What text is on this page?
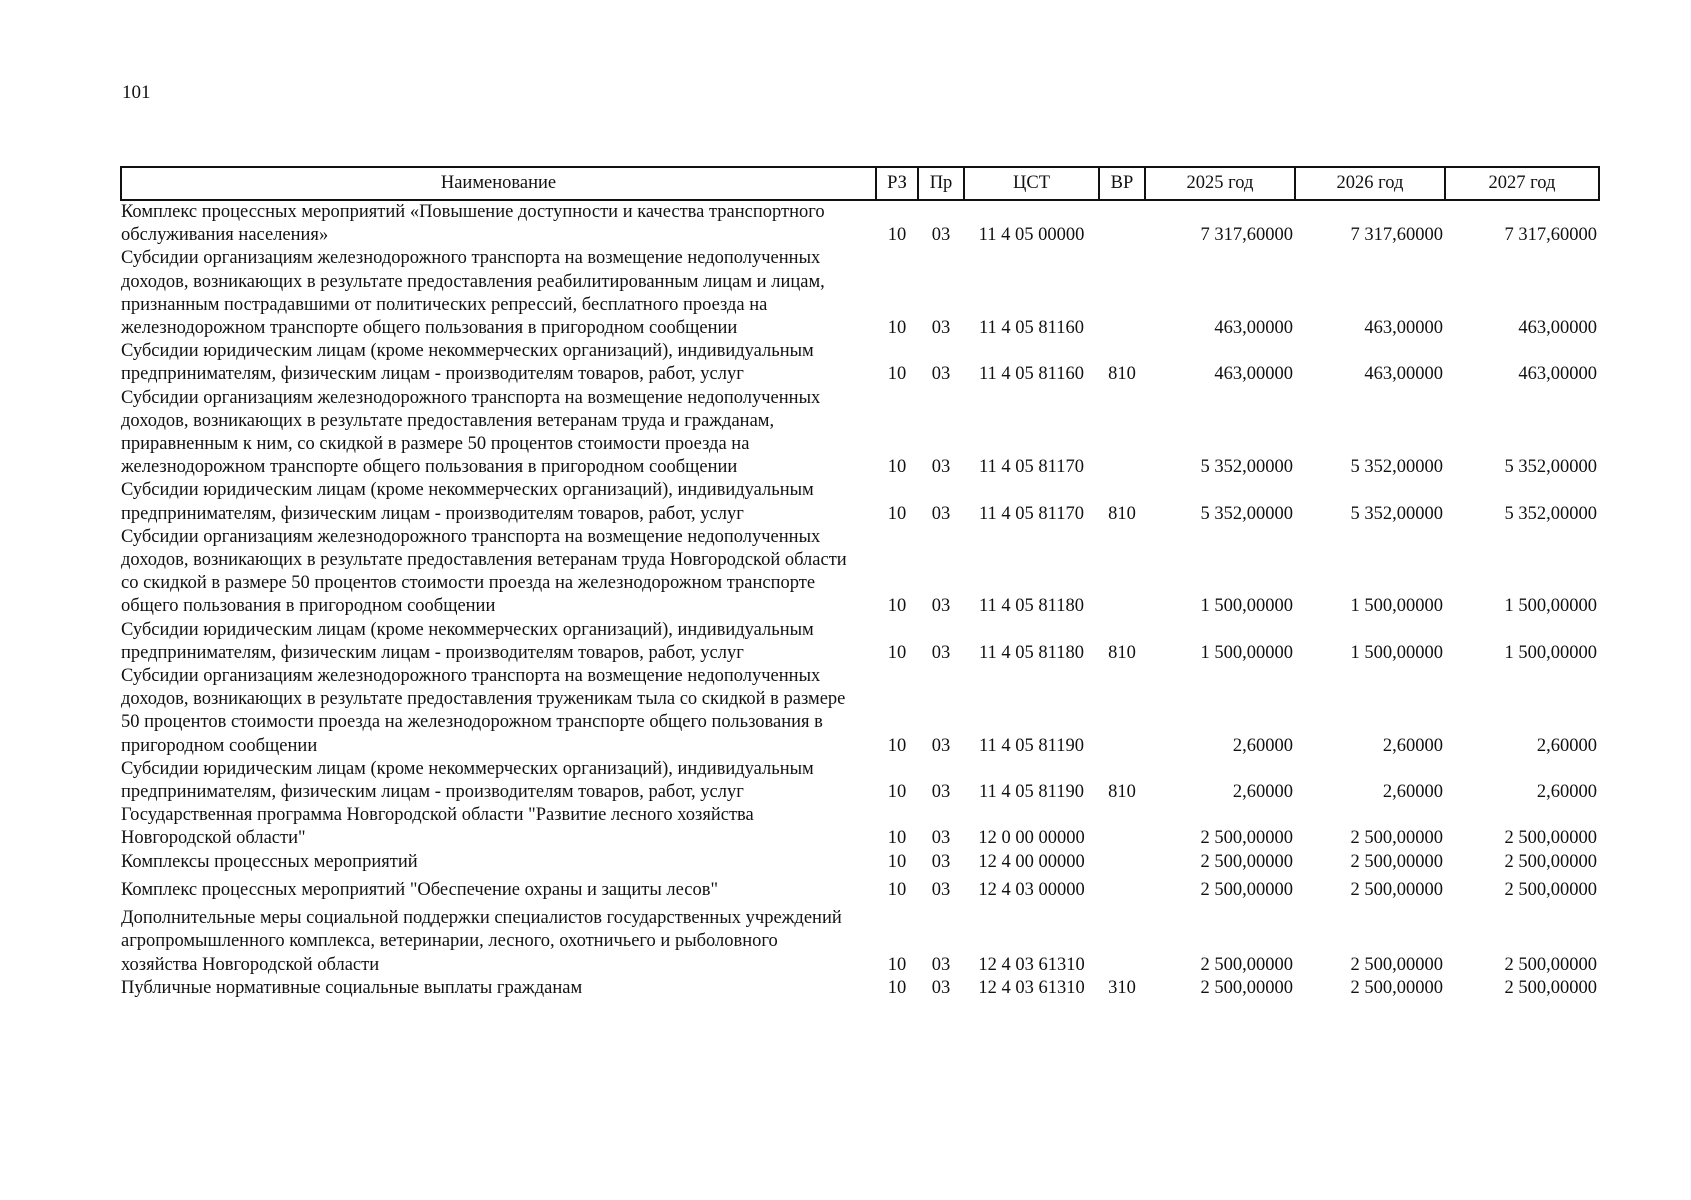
101
Наименование	РЗ	Пр	ЦСТ	ВР	2025 год	2026 год	2027 год
Комплекс процессных мероприятий «Повышение доступности и качества транспортного обслуживания населения»	10	03	11 4 05 00000		7 317,60000	7 317,60000	7 317,60000
Субсидии организациям железнодорожного транспорта на возмещение недополученных доходов, возникающих в результате предоставления реабилитированным лицам и лицам, признанным пострадавшими от политических репрессий, бесплатного проезда на железнодорожном транспорте общего пользования в пригородном сообщении	10	03	11 4 05 81160		463,00000	463,00000	463,00000
Субсидии юридическим лицам (кроме некоммерческих организаций), индивидуальным предпринимателям, физическим лицам - производителям товаров, работ, услуг	10	03	11 4 05 81160	810	463,00000	463,00000	463,00000
Субсидии организациям железнодорожного транспорта на возмещение недополученных доходов, возникающих в результате предоставления ветеранам труда и гражданам, приравненным к ним, со скидкой в размере 50 процентов стоимости проезда на железнодорожном транспорте общего пользования в пригородном сообщении	10	03	11 4 05 81170		5 352,00000	5 352,00000	5 352,00000
Субсидии юридическим лицам (кроме некоммерческих организаций), индивидуальным предпринимателям, физическим лицам - производителям товаров, работ, услуг	10	03	11 4 05 81170	810	5 352,00000	5 352,00000	5 352,00000
Субсидии организациям железнодорожного транспорта на возмещение недополученных доходов, возникающих в результате предоставления ветеранам труда Новгородской области со скидкой в размере 50 процентов стоимости проезда на железнодорожном транспорте общего пользования в пригородном сообщении	10	03	11 4 05 81180		1 500,00000	1 500,00000	1 500,00000
Субсидии юридическим лицам (кроме некоммерческих организаций), индивидуальным предпринимателям, физическим лицам - производителям товаров, работ, услуг	10	03	11 4 05 81180	810	1 500,00000	1 500,00000	1 500,00000
Субсидии организациям железнодорожного транспорта на возмещение недополученных доходов, возникающих в результате предоставления труженикам тыла со скидкой в размере 50 процентов стоимости проезда на железнодорожном транспорте общего пользования в пригородном сообщении	10	03	11 4 05 81190		2,60000	2,60000	2,60000
Субсидии юридическим лицам (кроме некоммерческих организаций), индивидуальным предпринимателям, физическим лицам - производителям товаров, работ, услуг	10	03	11 4 05 81190	810	2,60000	2,60000	2,60000
Государственная программа Новгородской области "Развитие лесного хозяйства Новгородской области"	10	03	12 0 00 00000		2 500,00000	2 500,00000	2 500,00000
Комплексы процессных мероприятий	10	03	12 4 00 00000		2 500,00000	2 500,00000	2 500,00000
Комплекс процессных мероприятий "Обеспечение охраны и защиты лесов"	10	03	12 4 03 00000		2 500,00000	2 500,00000	2 500,00000
Дополнительные меры социальной поддержки специалистов государственных учреждений агропромышленного комплекса, ветеринарии, лесного, охотничьего и рыболовного хозяйства Новгородской области	10	03	12 4 03 61310		2 500,00000	2 500,00000	2 500,00000
Публичные нормативные социальные выплаты гражданам	10	03	12 4 03 61310	310	2 500,00000	2 500,00000	2 500,00000
